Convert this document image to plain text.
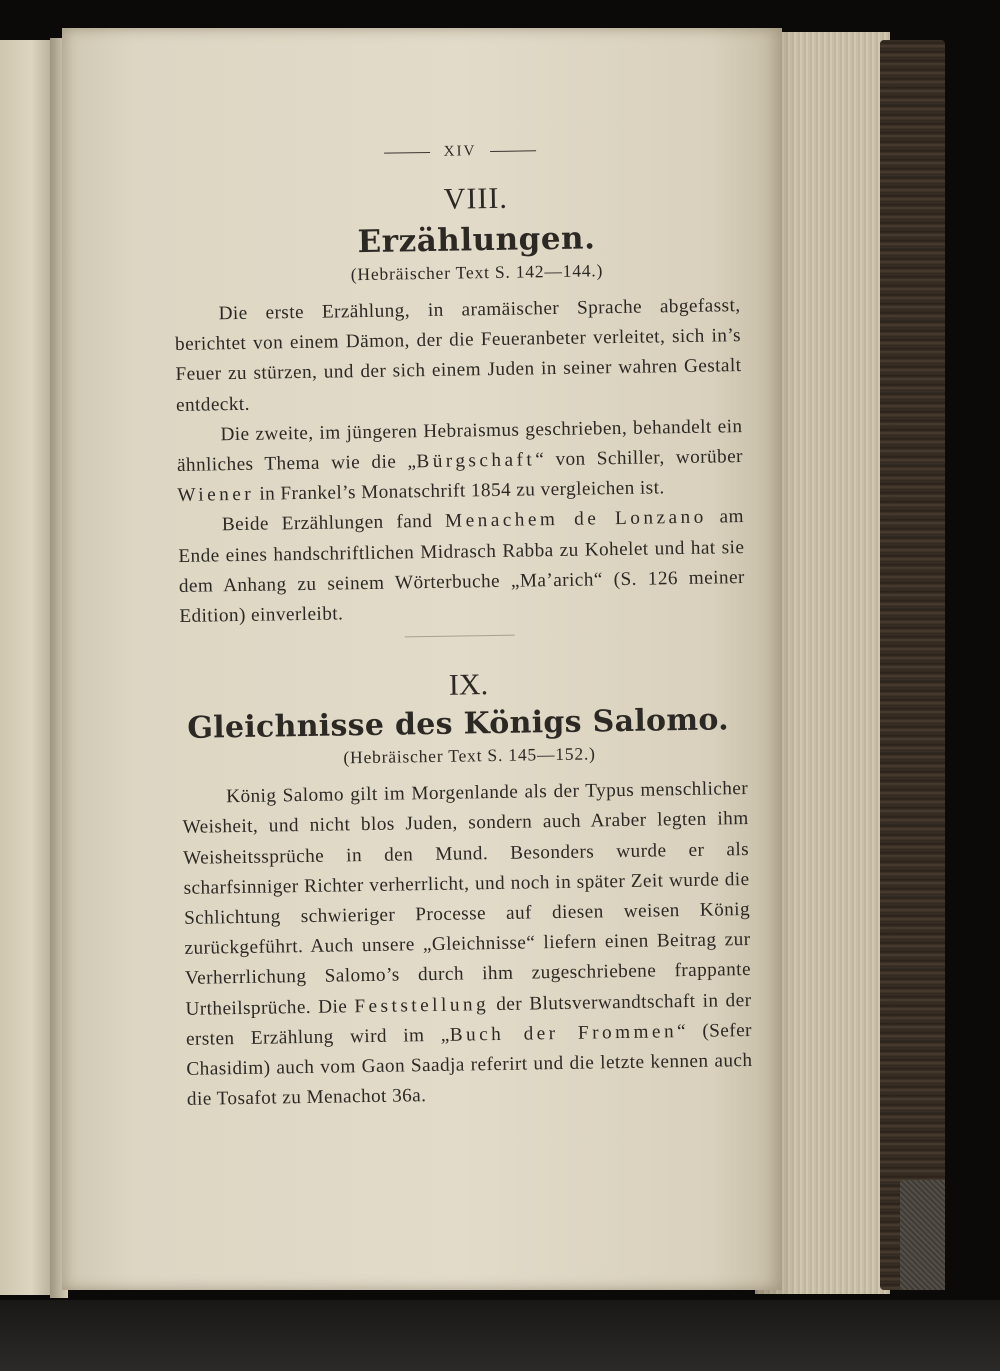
XIV
VIII.
Erzählungen.
(Hebräischer Text S. 142—144.)

Die erste Erzählung, in aramäischer Sprache abgefasst, berichtet von einem Dämon, der die Feueranbeter verleitet, sich in’s Feuer zu stürzen, und der sich einem Juden in seiner wahren Gestalt entdeckt.

Die zweite, im jüngeren Hebraismus geschrieben, behandelt ein ähnliches Thema wie die „Bürgschaft“ von Schiller, worüber Wiener in Frankel’s Monatschrift 1854 zu vergleichen ist.

Beide Erzählungen fand Menachem de Lonzano am Ende eines handschriftlichen Midrasch Rabba zu Kohelet und hat sie dem Anhang zu seinem Wörterbuche „Ma’arich“ (S. 126 meiner Edition) einverleibt.

IX.
Gleichnisse des Königs Salomo.
(Hebräischer Text S. 145—152.)

König Salomo gilt im Morgenlande als der Typus menschlicher Weisheit, und nicht blos Juden, sondern auch Araber legten ihm Weisheitssprüche in den Mund. Besonders wurde er als scharfsinniger Richter verherrlicht, und noch in später Zeit wurde die Schlichtung schwieriger Processe auf diesen weisen König zurückgeführt. Auch unsere „Gleichnisse“ liefern einen Beitrag zur Verherrlichung Salomo’s durch ihm zugeschriebene frappante Urtheilsprüche. Die Feststellung der Blutsverwandtschaft in der ersten Erzählung wird im „Buch der Frommen“ (Sefer Chasidim) auch vom Gaon Saadja referirt und die letzte kennen auch die Tosafot zu Menachot 36a.
